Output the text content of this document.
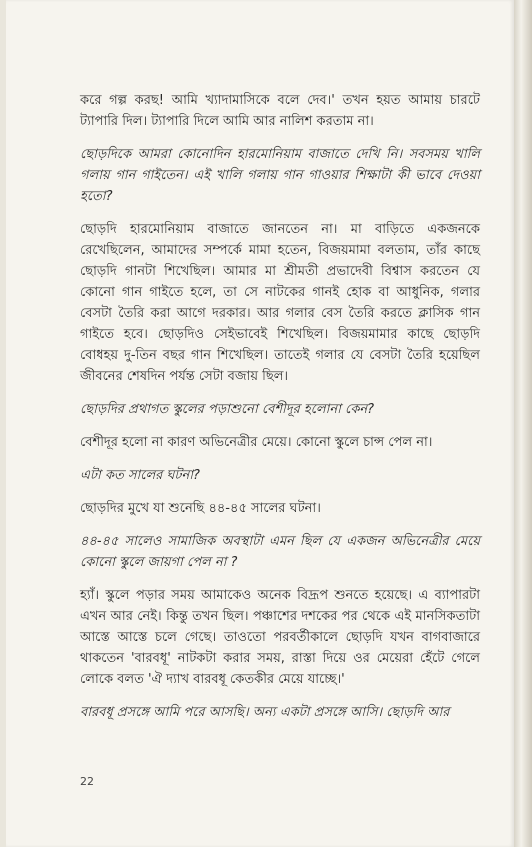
করে গল্প করছ! আমি খ্যাদামাসিকে বলে দেব।' তখন হয়ত আমায় চারটে ট্যাপারি দিল। ট্যাপারি দিলে আমি আর নালিশ করতাম না।

ছোড়দিকে আমরা কোনোদিন হারমোনিয়াম বাজাতে দেখি নি। সবসময় খালি গলায় গান গাইতেন। এই খালি গলায় গান গাওয়ার শিক্ষাটা কী ভাবে দেওয়া হতো?

ছোড়দি হারমোনিয়াম বাজাতে জানতেন না। মা বাড়িতে একজনকে রেখেছিলেন, আমাদের সম্পর্কে মামা হতেন, বিজয়মামা বলতাম, তাঁর কাছে ছোড়দি গানটা শিখেছিল। আমার মা শ্রীমতী প্রভাদেবী বিশ্বাস করতেন যে কোনো গান গাইতে হলে, তা সে নাটকের গানই হোক বা আধুনিক, গলার বেসটা তৈরি করা আগে দরকার। আর গলার বেস তৈরি করতে ক্লাসিক গান গাইতে হবে। ছোড়দিও সেইভাবেই শিখেছিল। বিজয়মামার কাছে ছোড়দি বোধহয় দু-তিন বছর গান শিখেছিল। তাতেই গলার যে বেসটা তৈরি হয়েছিল জীবনের শেষদিন পর্যন্ত সেটা বজায় ছিল।

ছোড়দির প্রথাগত স্কুলের পড়াশুনো বেশীদূর হলোনা কেন?

বেশীদূর হলো না কারণ অভিনেত্রীর মেয়ে। কোনো স্কুলে চান্স পেল না।

এটা কত সালের ঘটনা?

ছোড়দির মুখে যা শুনেছি ৪৪-৪৫ সালের ঘটনা।

৪৪-৪৫ সালেও সামাজিক অবস্থাটা এমন ছিল যে একজন অভিনেত্রীর মেয়ে কোনো স্কুলে জায়গা পেল না ?

হ্যাঁ। স্কুলে পড়ার সময় আমাকেও অনেক বিদ্রূপ শুনতে হয়েছে। এ ব্যাপারটা এখন আর নেই। কিন্তু তখন ছিল। পঞ্চাশের দশকের পর থেকে এই মানসিকতাটা আস্তে আস্তে চলে গেছে। তাওতো পরবর্তীকালে ছোড়দি যখন বাগবাজারে থাকতেন 'বারবধূ' নাটকটা করার সময়, রাস্তা দিয়ে ওর মেয়েরা হেঁটে গেলে লোকে বলত 'ঐ দ্যাখ বারবধূ কেতকীর মেয়ে যাচ্ছে।'

বারবধূ প্রসঙ্গে আমি পরে আসছি। অন্য একটা প্রসঙ্গে আসি। ছোড়দি আর

22
